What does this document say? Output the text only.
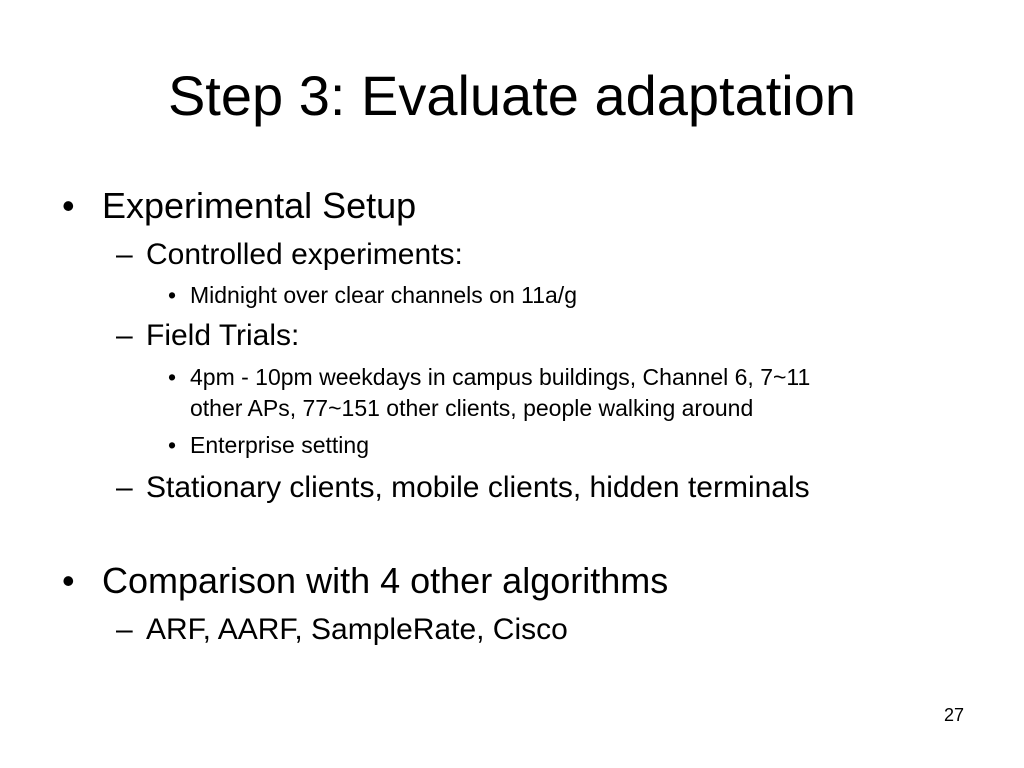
Step 3: Evaluate adaptation
• Experimental Setup
– Controlled experiments:
• Midnight over clear channels on 11a/g
– Field Trials:
• 4pm - 10pm weekdays in campus buildings, Channel 6, 7~11
other APs, 77~151 other clients, people walking around
• Enterprise setting
– Stationary clients, mobile clients, hidden terminals
• Comparison with 4 other algorithms
– ARF, AARF, SampleRate, Cisco
27
